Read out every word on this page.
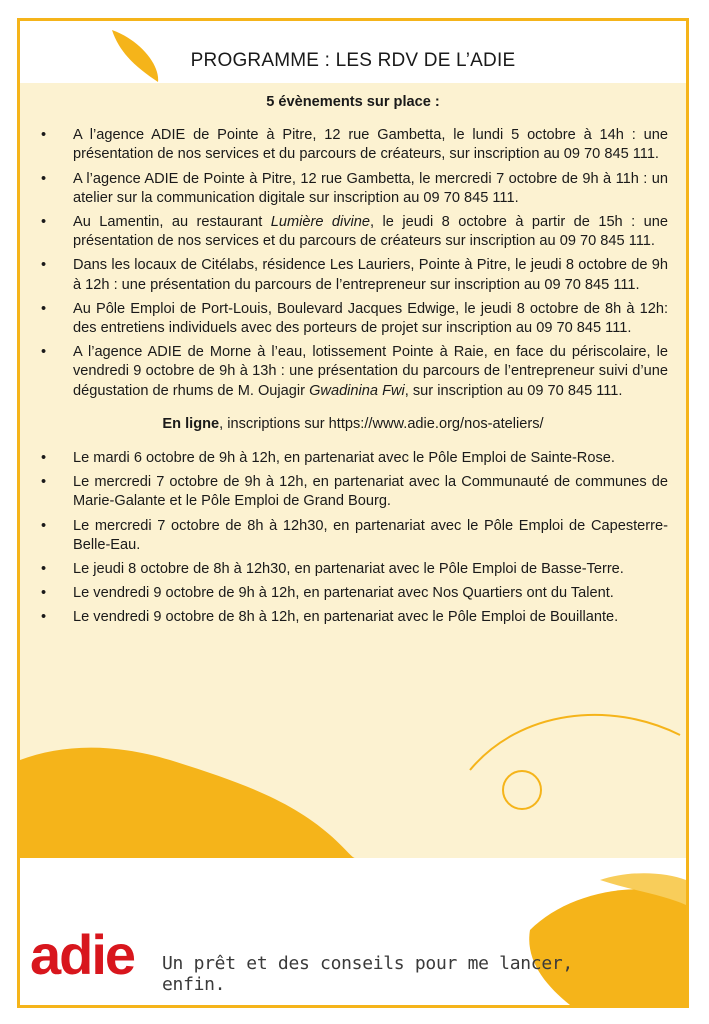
PROGRAMME : LES RDV DE L’ADIE
5 évènements sur place :
• A l’agence ADIE de Pointe à Pitre, 12 rue Gambetta, le lundi 5 octobre à 14h : une présentation de nos services et du parcours de créateurs, sur inscription au 09 70 845 111.
• A l’agence ADIE de Pointe à Pitre, 12 rue Gambetta, le mercredi 7 octobre de 9h à 11h : un atelier sur la communication digitale sur inscription au 09 70 845 111.
• Au Lamentin, au restaurant Lumière divine, le jeudi 8 octobre à partir de 15h : une présentation de nos services et du parcours de créateurs sur inscription au 09 70 845 111.
• Dans les locaux de Citélabs, résidence Les Lauriers, Pointe à Pitre, le jeudi 8 octobre de 9h à 12h : une présentation du parcours de l’entrepreneur sur inscription au 09 70 845 111.
• Au Pôle Emploi de Port-Louis, Boulevard Jacques Edwige, le jeudi 8 octobre de 8h à 12h: des entretiens individuels avec des porteurs de projet sur inscription au 09 70 845 111.
• A l’agence ADIE de Morne à l’eau, lotissement Pointe à Raie, en face du périscolaire, le vendredi 9 octobre de 9h à 13h : une présentation du parcours de l’entrepreneur suivi d’une dégustation de rhums de M. Oujagir Gwadinina Fwi, sur inscription au 09 70 845 111.
En ligne, inscriptions sur https://www.adie.org/nos-ateliers/
• Le mardi 6 octobre de 9h à 12h, en partenariat avec le Pôle Emploi de Sainte-Rose.
• Le mercredi 7 octobre de 9h à 12h, en partenariat avec la Communauté de communes de Marie-Galante et le Pôle Emploi de Grand Bourg.
• Le mercredi 7 octobre de 8h à 12h30, en partenariat avec le Pôle Emploi de Capesterre-Belle-Eau.
• Le jeudi 8 octobre de 8h à 12h30, en partenariat avec le Pôle Emploi de Basse-Terre.
• Le vendredi 9 octobre de 9h à 12h, en partenariat avec Nos Quartiers ont du Talent.
• Le vendredi 9 octobre de 8h à 12h, en partenariat avec le Pôle Emploi de Bouillante.
adie Un prêt et des conseils pour me lancer, enfin.
